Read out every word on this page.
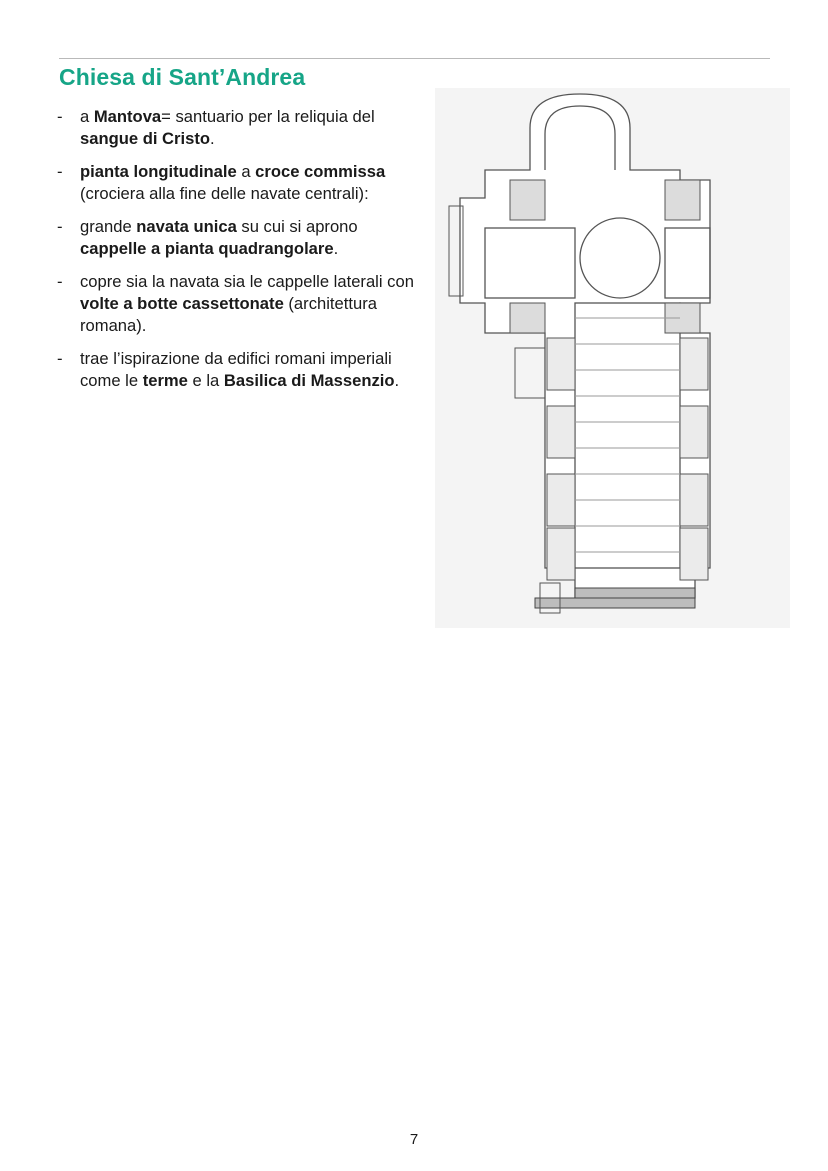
Chiesa di Sant’Andrea
- a Mantova= santuario per la reliquia del sangue di Cristo.
- pianta longitudinale a croce commissa (crociera alla fine delle navate centrali):
- grande navata unica su cui si aprono cappelle a pianta quadrangolare.
- copre sia la navata sia le cappelle laterali con volte a botte cassettonate (architettura romana).
- trae l’ispirazione da edifici romani imperiali come le terme e la Basilica di Massenzio.
7
